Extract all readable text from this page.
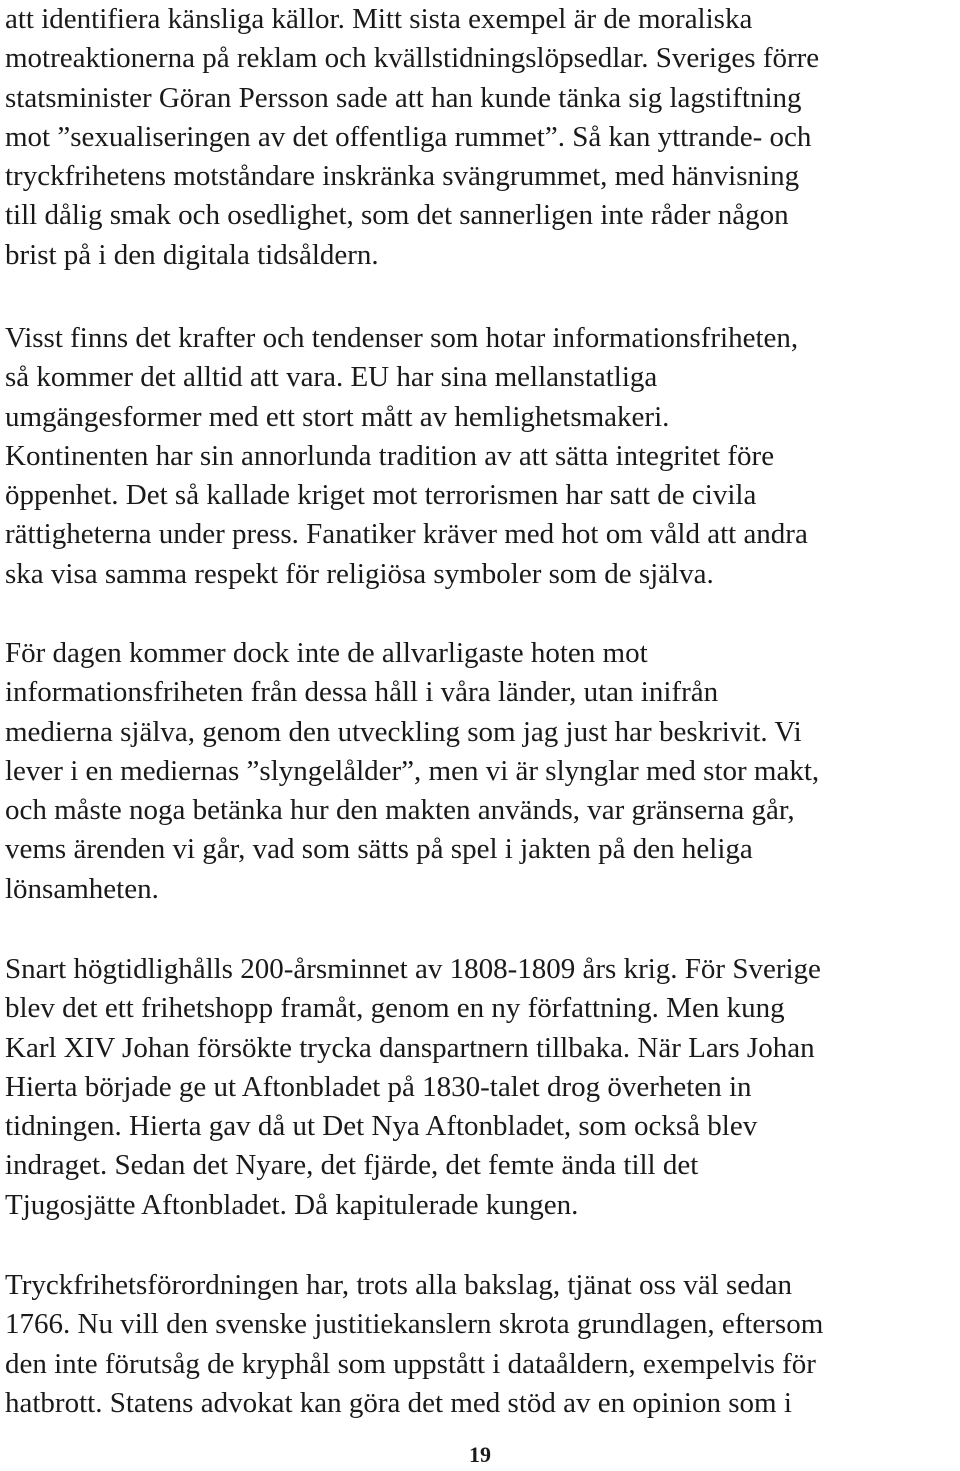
att identifiera känsliga källor. Mitt sista exempel är de moraliska
motreaktionerna på reklam och kvällstidningslöpsedlar. Sveriges förre
statsminister Göran Persson sade att han kunde tänka sig lagstiftning
mot ”sexualiseringen av det offentliga rummet”. Så kan yttrande- och
tryckfrihetens motståndare inskränka svängrummet, med hänvisning
till dålig smak och osedlighet, som det sannerligen inte råder någon
brist på i den digitala tidsåldern.
Visst finns det krafter och tendenser som hotar informationsfriheten,
så kommer det alltid att vara. EU har sina mellanstatliga
umgängesformer med ett stort mått av hemlighetsmakeri.
Kontinenten har sin annorlunda tradition av att sätta integritet före
öppenhet. Det så kallade kriget mot terrorismen har satt de civila
rättigheterna under press. Fanatiker kräver med hot om våld att andra
ska visa samma respekt för religiösa symboler som de själva.
För dagen kommer dock inte de allvarligaste hoten mot
informationsfriheten från dessa håll i våra länder, utan inifrån
medierna själva, genom den utveckling som jag just har beskrivit. Vi
lever i en mediernas ”slyngelålder”, men vi är slynglar med stor makt,
och måste noga betänka hur den makten används, var gränserna går,
vems ärenden vi går, vad som sätts på spel i jakten på den heliga
lönsamheten.
Snart högtidlighålls 200-årsminnet av 1808-1809 års krig. För Sverige
blev det ett frihetshopp framåt, genom en ny författning. Men kung
Karl XIV Johan försökte trycka danspartnern tillbaka. När Lars Johan
Hierta började ge ut Aftonbladet på 1830-talet drog överheten in
tidningen. Hierta gav då ut Det Nya Aftonbladet, som också blev
indraget. Sedan det Nyare, det fjärde, det femte ända till det
Tjugosjätte Aftonbladet. Då kapitulerade kungen.
Tryckfrihetsförordningen har, trots alla bakslag, tjänat oss väl sedan
1766. Nu vill den svenske justitiekanslern skrota grundlagen, eftersom
den inte förutsåg de kryphål som uppstått i dataåldern, exempelvis för
hatbrott. Statens advokat kan göra det med stöd av en opinion som i
19
